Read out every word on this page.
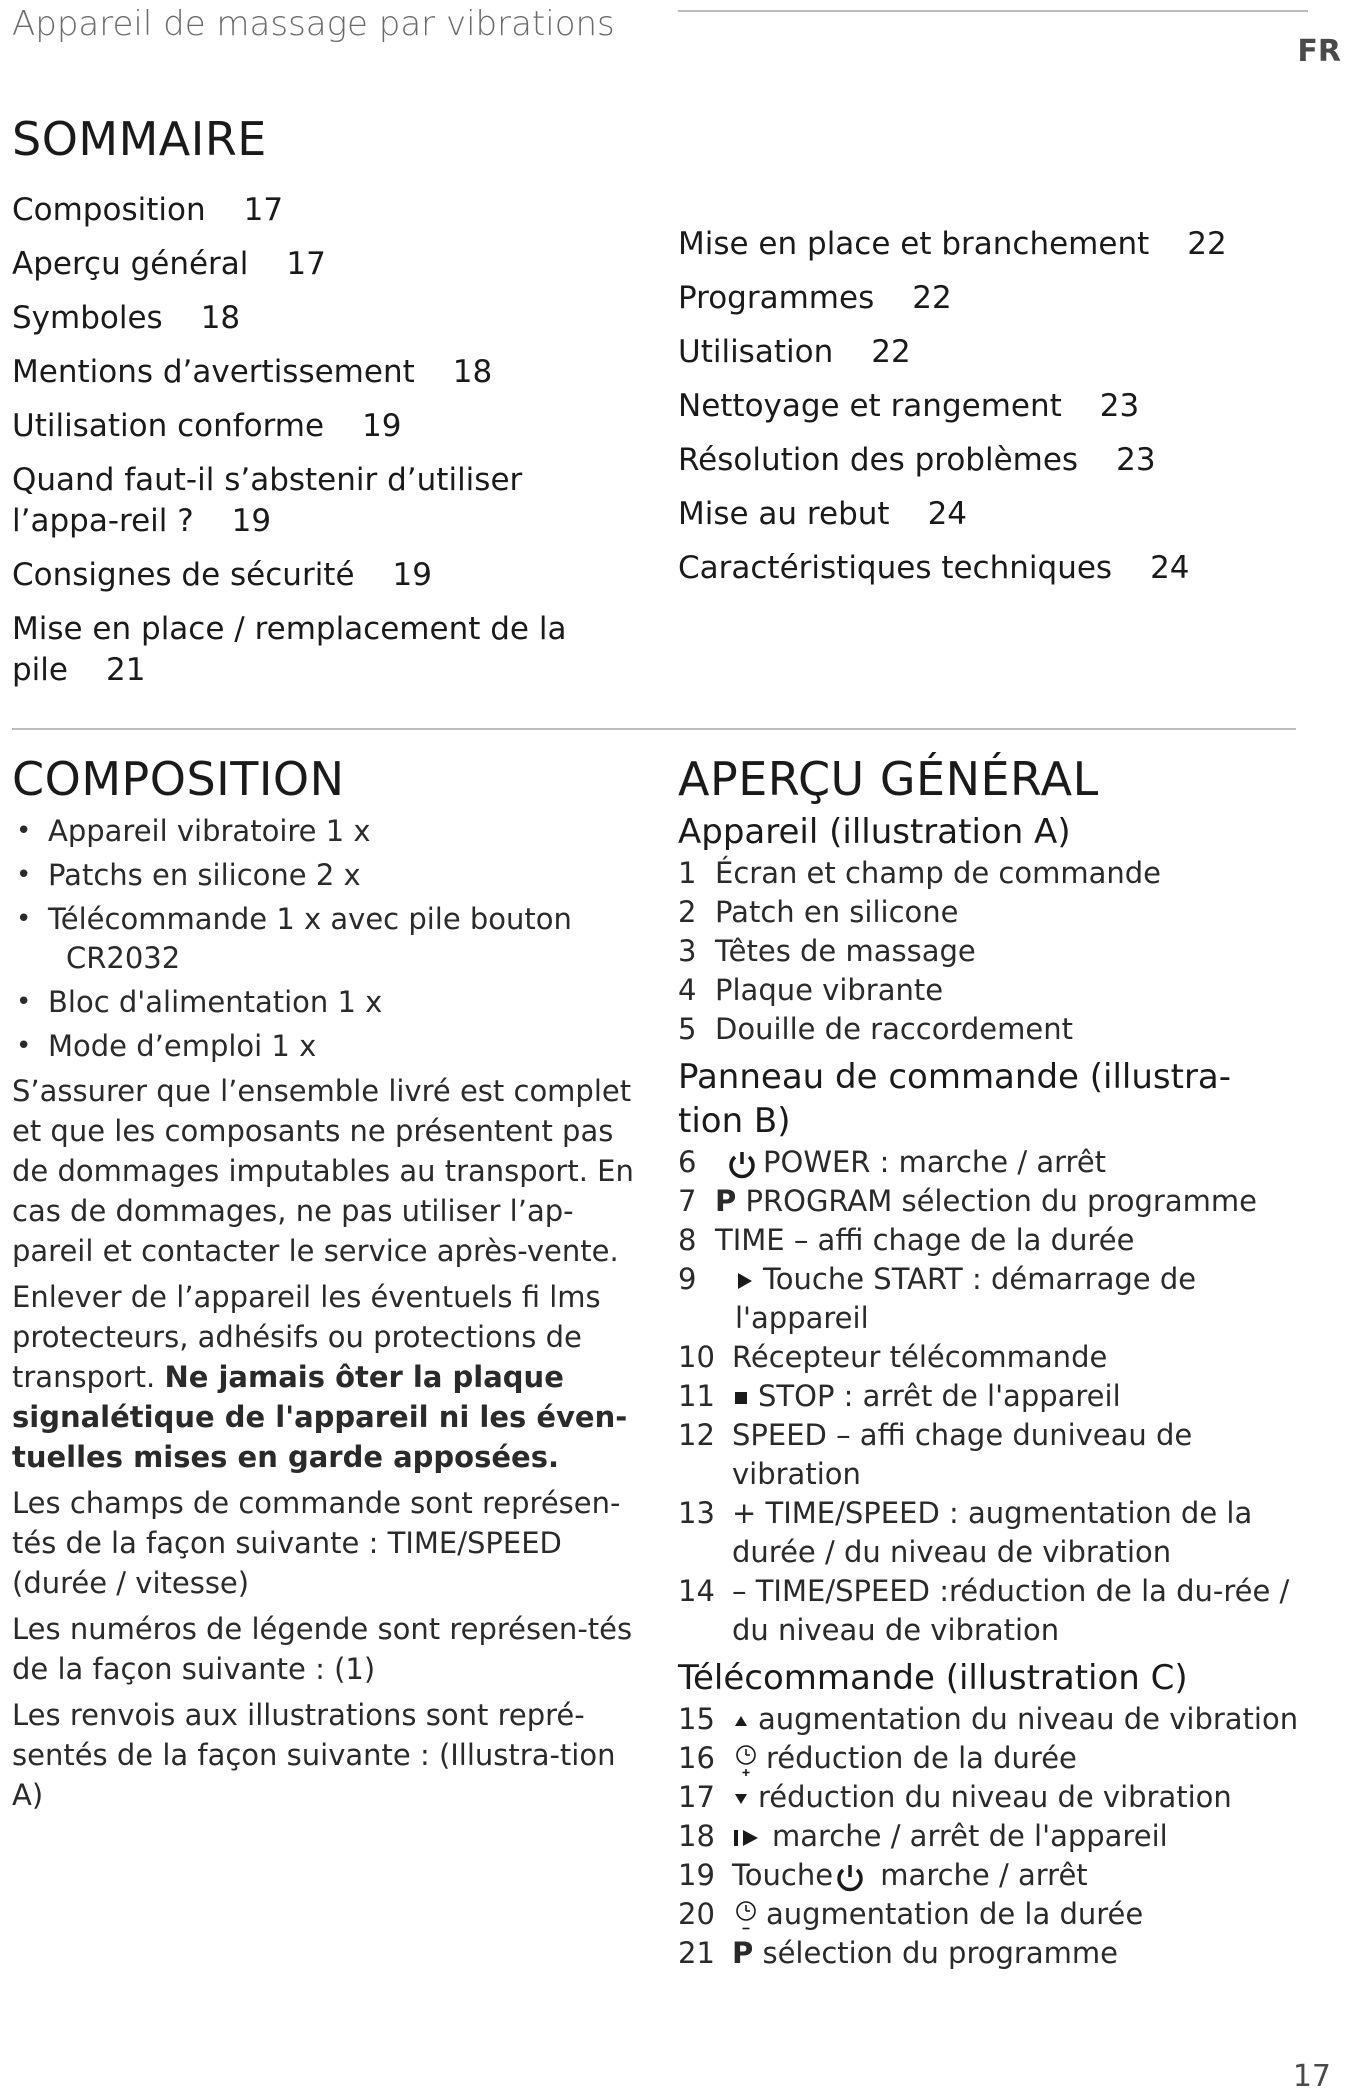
Appareil de massage par vibrations
FR
SOMMAIRE
Composition 17
Aperçu général 17
Symboles 18
Mentions d’avertissement 18
Utilisation conforme 19
Quand faut-il s’abstenir d’utiliser l’appa-reil ? 19
Consignes de sécurité 19
Mise en place / remplacement de la pile 21
Mise en place et branchement 22
Programmes 22
Utilisation 22
Nettoyage et rangement 23
Résolution des problèmes 23
Mise au rebut 24
Caractéristiques techniques 24
COMPOSITION
• Appareil vibratoire 1 x
• Patchs en silicone 2 x
• Télécommande 1 x avec pile bouton
CR2032
• Bloc d'alimentation 1 x
• Mode d’emploi 1 x

S’assurer que l’ensemble livré est complet et que les composants ne présentent pas de dommages imputables au transport. En cas de dommages, ne pas utiliser l’ap-pareil et contacter le service après-vente.

Enlever de l’appareil les éventuels fi lms protecteurs, adhésifs ou protections de transport. Ne jamais ôter la plaque signalétique de l'appareil ni les éven-tuelles mises en garde apposées.

Les champs de commande sont représen-tés de la façon suivante : TIME/SPEED (durée / vitesse)

Les numéros de légende sont représen-tés de la façon suivante : (1)

Les renvois aux illustrations sont repré-sentés de la façon suivante : (Illustra-tion A)

APERÇU GÉNÉRAL
Appareil (illustration A)
1 Écran et champ de commande
2 Patch en silicone
3 Têtes de massage
4 Plaque vibrante
5 Douille de raccordement
Panneau de commande (illustra-tion B)
6	POWER : marche / arrêt
7 P PROGRAM sélection du programme
8 TIME – affi chage de la durée
9	Touche START : démarrage de l'appareil
10 Récepteur télécommande
11	STOP : arrêt de l'appareil
12 SPEED – affi chage duniveau de vibration
13 + TIME/SPEED : augmentation de la durée / du niveau de vibration
14 – TIME/SPEED :réduction de la du-rée / du niveau de vibration
Télécommande (illustration C)
15	augmentation du niveau de vibration
16	réduction de la durée
17	réduction du niveau de vibration
18	marche / arrêt de l'appareil
19 Touche marche / arrêt
20	augmentation de la durée
21 P sélection du programme
17
